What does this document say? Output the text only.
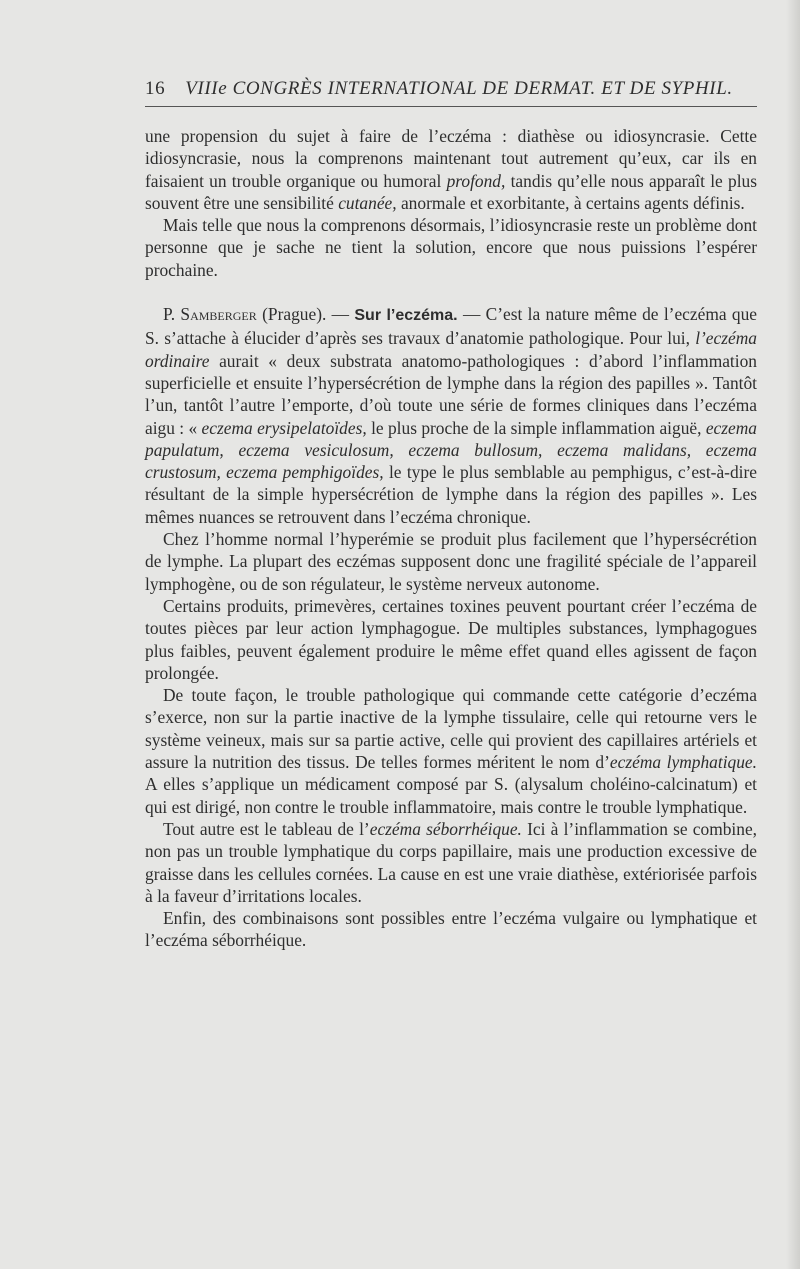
16 VIIIe CONGRÈS INTERNATIONAL DE DERMAT. ET DE SYPHIL.

une propension du sujet à faire de l’eczéma : diathèse ou idiosyncrasie. Cette idiosyncrasie, nous la comprenons maintenant tout autrement qu’eux, car ils en faisaient un trouble organique ou humoral profond, tandis qu’elle nous apparaît le plus souvent être une sensibilité cutanée, anormale et exorbitante, à certains agents définis.

Mais telle que nous la comprenons désormais, l’idiosyncrasie reste un problème dont personne que je sache ne tient la solution, encore que nous puissions l’espérer prochaine.

P. Samberger (Prague). — Sur l’eczéma. — C’est la nature même de l’eczéma que S. s’attache à élucider d’après ses travaux d’anatomie pathologique. Pour lui, l’eczéma ordinaire aurait « deux substrata anatomo-pathologiques : d’abord l’inflammation superficielle et ensuite l’hypersécrétion de lymphe dans la région des papilles ». Tantôt l’un, tantôt l’autre l’emporte, d’où toute une série de formes cliniques dans l’eczéma aigu : « eczema erysipelatoïdes, le plus proche de la simple inflammation aiguë, eczema papulatum, eczema vesiculosum, eczema bullosum, eczema malidans, eczema crustosum, eczema pemphigoïdes, le type le plus semblable au pemphigus, c’est-à-dire résultant de la simple hypersécrétion de lymphe dans la région des papilles ». Les mêmes nuances se retrouvent dans l’eczéma chronique.

Chez l’homme normal l’hyperémie se produit plus facilement que l’hypersécrétion de lymphe. La plupart des eczémas supposent donc une fragilité spéciale de l’appareil lymphogène, ou de son régulateur, le système nerveux autonome.

Certains produits, primevères, certaines toxines peuvent pourtant créer l’eczéma de toutes pièces par leur action lymphagogue. De multiples substances, lymphagogues plus faibles, peuvent également produire le même effet quand elles agissent de façon prolongée.

De toute façon, le trouble pathologique qui commande cette catégorie d’eczéma s’exerce, non sur la partie inactive de la lymphe tissulaire, celle qui retourne vers le système veineux, mais sur sa partie active, celle qui provient des capillaires artériels et assure la nutrition des tissus. De telles formes méritent le nom d’eczéma lymphatique. A elles s’applique un médicament composé par S. (alysalum choléino-calcinatum) et qui est dirigé, non contre le trouble inflammatoire, mais contre le trouble lymphatique.

Tout autre est le tableau de l’eczéma séborrhéique. Ici à l’inflammation se combine, non pas un trouble lymphatique du corps papillaire, mais une production excessive de graisse dans les cellules cornées. La cause en est une vraie diathèse, extériorisée parfois à la faveur d’irritations locales.

Enfin, des combinaisons sont possibles entre l’eczéma vulgaire ou lymphatique et l’eczéma séborrhéique.
